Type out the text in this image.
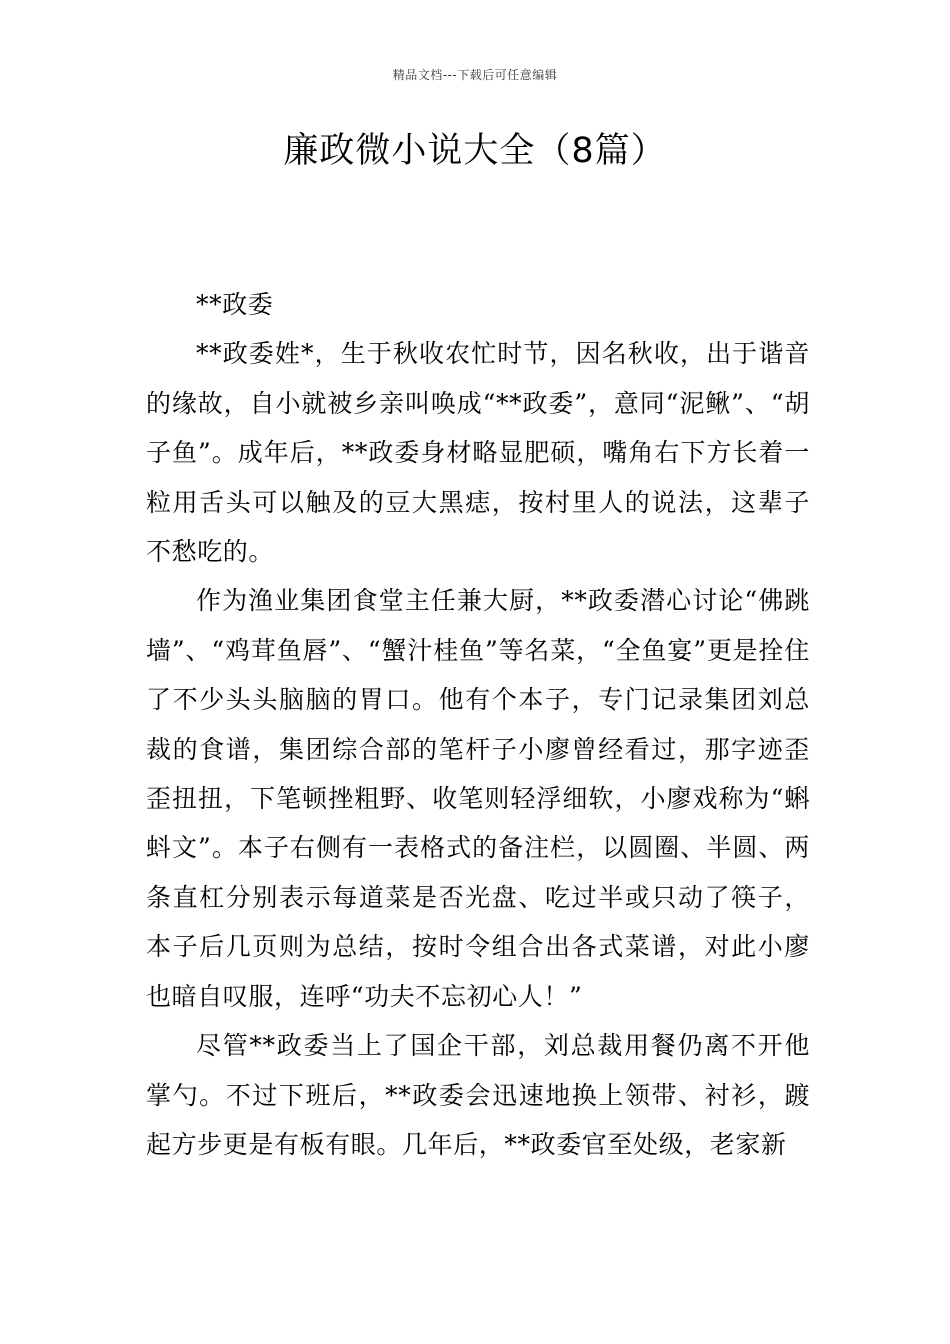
精品文档---下载后可任意编辑
廉政微小说大全（8篇）

**政委

**政委姓*，生于秋收农忙时节，因名秋收，出于谐音的缘故，自小就被乡亲叫唤成“**政委”，意同“泥鳅”、“胡子鱼”。成年后，**政委身材略显肥硕，嘴角右下方长着一粒用舌头可以触及的豆大黑痣，按村里人的说法，这辈子不愁吃的。

作为渔业集团食堂主任兼大厨，**政委潜心讨论“佛跳墙”、“鸡茸鱼唇”、“蟹汁桂鱼”等名菜，“全鱼宴”更是拴住了不少头头脑脑的胃口。他有个本子，专门记录集团刘总裁的食谱，集团综合部的笔杆子小廖曾经看过，那字迹歪歪扭扭，下笔顿挫粗野、收笔则轻浮细软，小廖戏称为“蝌蚪文”。本子右侧有一表格式的备注栏，以圆圈、半圆、两条直杠分别表示每道菜是否光盘、吃过半或只动了筷子，本子后几页则为总结，按时令组合出各式菜谱，对此小廖也暗自叹服，连呼“功夫不忘初心人！”

尽管**政委当上了国企干部，刘总裁用餐仍离不开他掌勺。不过下班后，**政委会迅速地换上领带、衬衫，踱起方步更是有板有眼。几年后，**政委官至处级，老家新
